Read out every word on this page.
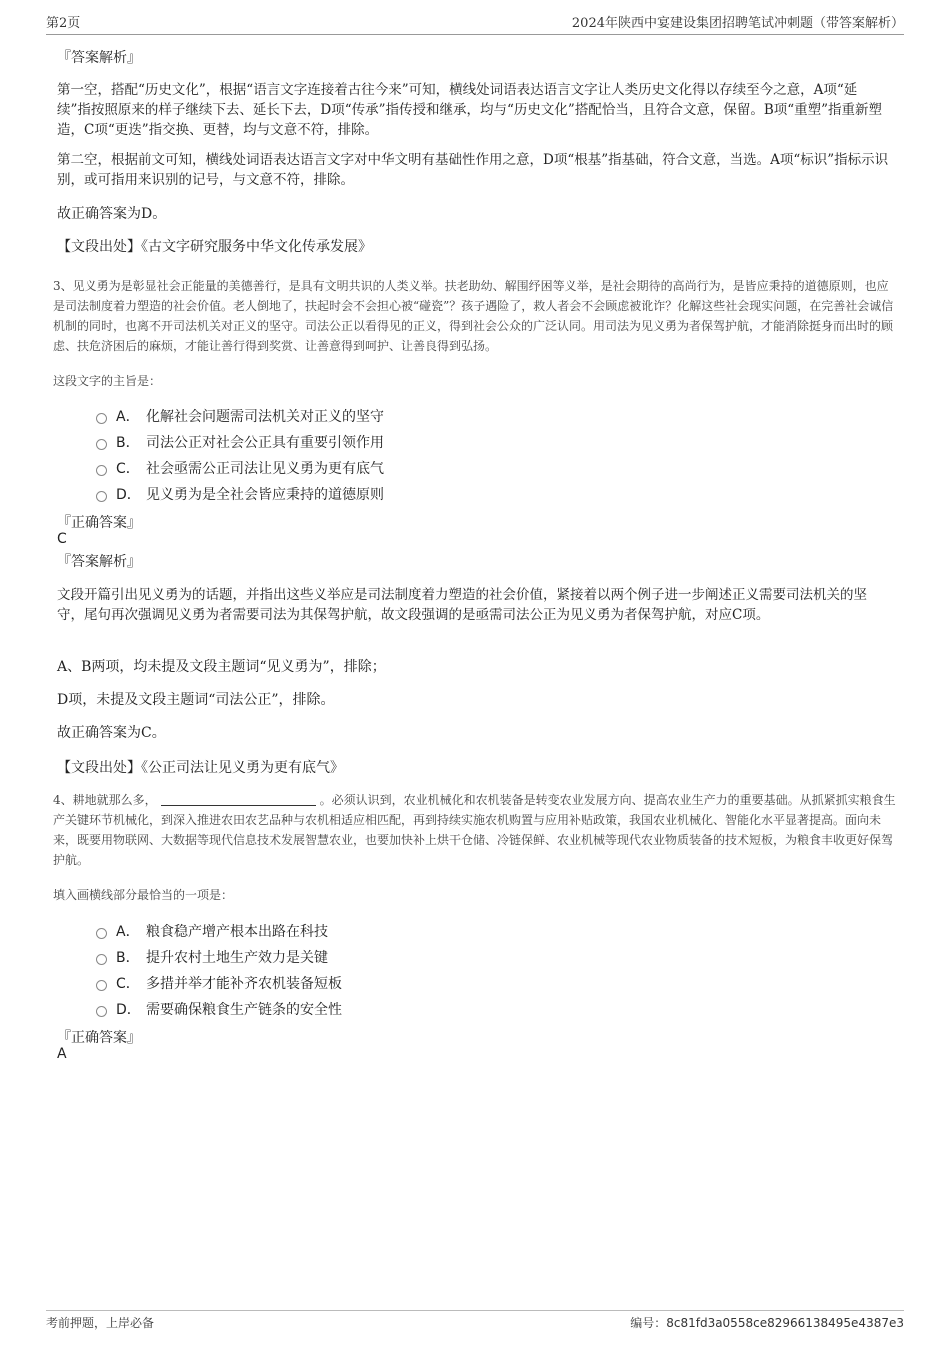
第2页	2024年陕西中宴建设集团招聘笔试冲刺题（带答案解析）

『答案解析』

第一空，搭配“历史文化”，根据“语言文字连接着古往今来”可知，横线处词语表达语言文字让人类历史文化得以存续至今之意，A项“延续”指按照原来的样子继续下去、延长下去，D项“传承”指传授和继承，均与“历史文化”搭配恰当，且符合文意，保留。B项“重塑”指重新塑造，C项“更迭”指交换、更替，均与文意不符，排除。

第二空，根据前文可知，横线处词语表达语言文字对中华文明有基础性作用之意，D项“根基”指基础，符合文意，当选。A项“标识”指标示识别，或可指用来识别的记号，与文意不符，排除。

故正确答案为D。

【文段出处】《古文字研究服务中华文化传承发展》

3、见义勇为是彰显社会正能量的美德善行，是具有文明共识的人类义举。扶老助幼、解围纾困等义举，是社会期待的高尚行为，是皆应秉持的道德原则，也应是司法制度着力塑造的社会价值。老人倒地了，扶起时会不会担心被“碰瓷”？孩子遇险了，救人者会不会顾虑被讹诈？化解这些社会现实问题，在完善社会诚信机制的同时，也离不开司法机关对正义的坚守。司法公正以看得见的正义，得到社会公众的广泛认同。用司法为见义勇为者保驾护航，才能消除挺身而出时的顾虑、扶危济困后的麻烦，才能让善行得到奖赏、让善意得到呵护、让善良得到弘扬。

这段文字的主旨是：

A． 化解社会问题需司法机关对正义的坚守
B． 司法公正对社会公正具有重要引领作用
C． 社会亟需公正司法让见义勇为更有底气
D． 见义勇为是全社会皆应秉持的道德原则

『正确答案』

C

『答案解析』

文段开篇引出见义勇为的话题，并指出这些义举应是司法制度着力塑造的社会价值，紧接着以两个例子进一步阐述正义需要司法机关的坚守，尾句再次强调见义勇为者需要司法为其保驾护航，故文段强调的是亟需司法公正为见义勇为者保驾护航，对应C项。

A、B两项，均未提及文段主题词“见义勇为”，排除；

D项，未提及文段主题词“司法公正”，排除。

故正确答案为C。

【文段出处】《公正司法让见义勇为更有底气》

4、耕地就那么多，	。必须认识到，农业机械化和农机装备是转变农业发展方向、提高农业生产力的重要基础。从抓紧抓实粮食生产关键环节机械化，到深入推进农田农艺品种与农机相适应相匹配，再到持续实施农机购置与应用补贴政策，我国农业机械化、智能化水平显著提高。面向未来，既要用物联网、大数据等现代信息技术发展智慧农业，也要加快补上烘干仓储、冷链保鲜、农业机械等现代农业物质装备的技术短板，为粮食丰收更好保驾护航。

填入画横线部分最恰当的一项是：

A． 粮食稳产增产根本出路在科技
B． 提升农村土地生产效力是关键
C． 多措并举才能补齐农机装备短板
D． 需要确保粮食生产链条的安全性

『正确答案』

A

考前押题，上岸必备	编号：8c81fd3a0558ce82966138495e4387e3
